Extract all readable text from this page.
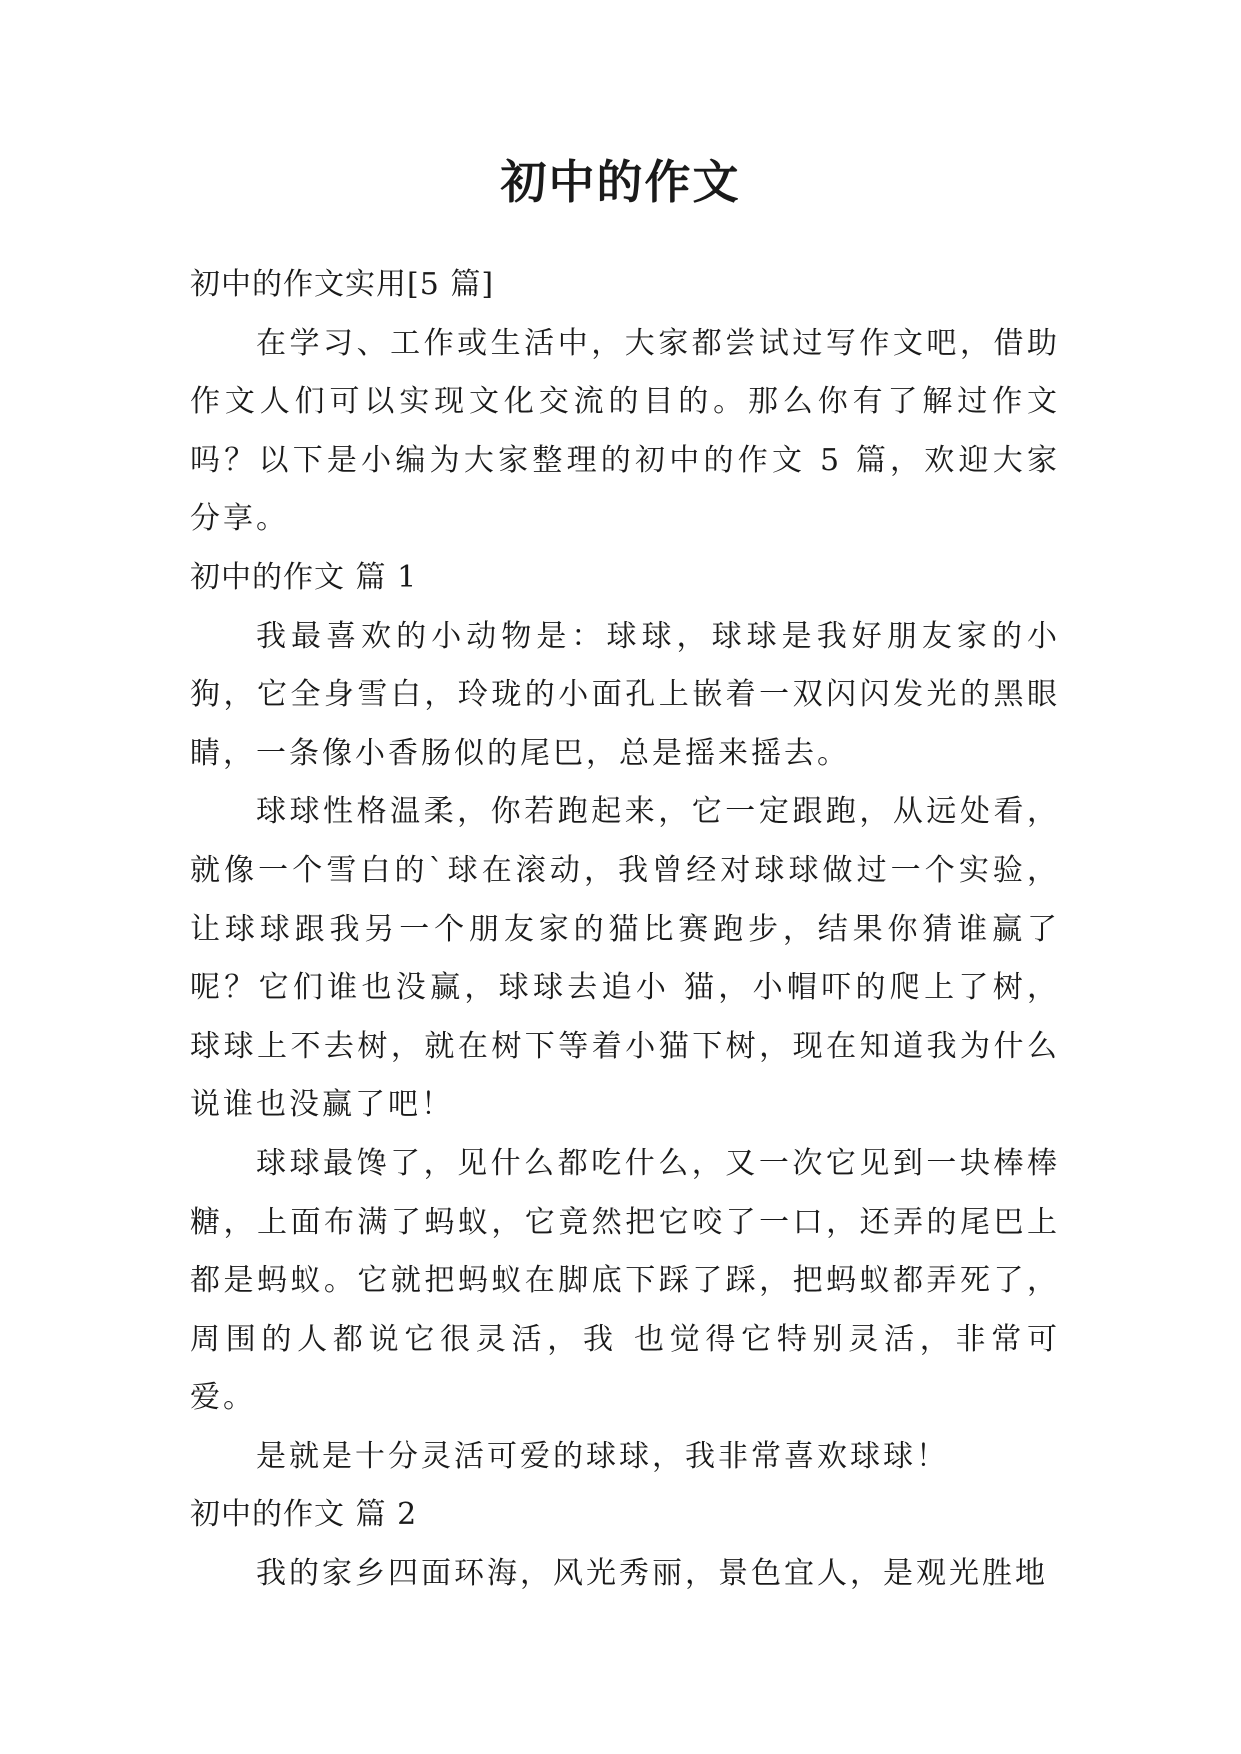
初中的作文

初中的作文实用[5 篇]

在学习、工作或生活中，大家都尝试过写作文吧，借助作文人们可以实现文化交流的目的。那么你有了解过作文吗？以下是小编为大家整理的初中的作文 5 篇，欢迎大家分享。

初中的作文 篇 1

我最喜欢的小动物是：球球，球球是我好朋友家的小狗，它全身雪白，玲珑的小面孔上嵌着一双闪闪发光的黑眼睛，一条像小香肠似的尾巴，总是摇来摇去。

球球性格温柔，你若跑起来，它一定跟跑，从远处看，就像一个雪白的`球在滚动，我曾经对球球做过一个实验，让球球跟我另一个朋友家的猫比赛跑步，结果你猜谁赢了呢？它们谁也没赢，球球去追小 猫，小帽吓的爬上了树，球球上不去树，就在树下等着小猫下树，现在知道我为什么说谁也没赢了吧！

球球最馋了，见什么都吃什么，又一次它见到一块棒棒糖，上面布满了蚂蚁，它竟然把它咬了一口，还弄的尾巴上都是蚂蚁。它就把蚂蚁在脚底下踩了踩，把蚂蚁都弄死了，周围的人都说它很灵活，我 也觉得它特别灵活，非常可爱。

是就是十分灵活可爱的球球，我非常喜欢球球！

初中的作文 篇 2

我的家乡四面环海，风光秀丽，景色宜人，是观光胜地
